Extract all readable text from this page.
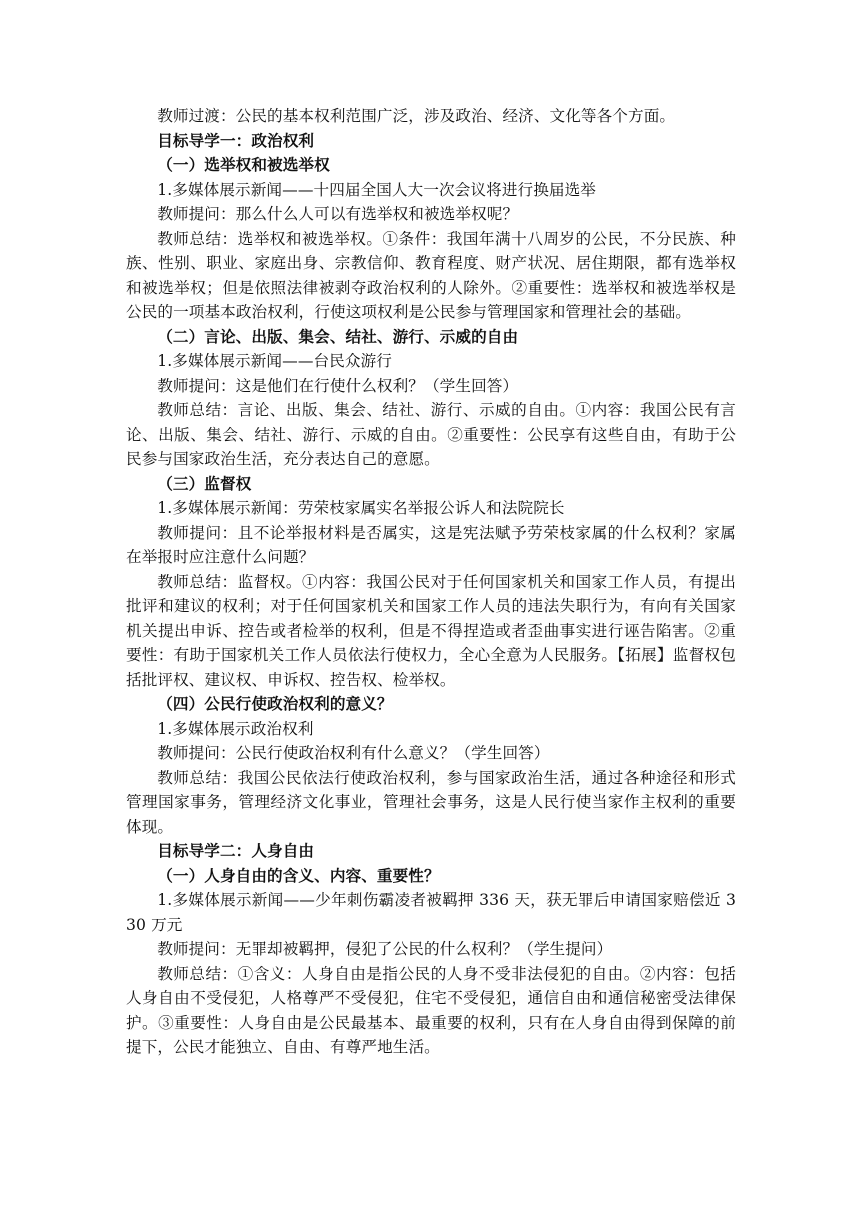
教师过渡：公民的基本权利范围广泛，涉及政治、经济、文化等各个方面。

目标导学一：政治权利

（一）选举权和被选举权

1.多媒体展示新闻——十四届全国人大一次会议将进行换届选举

教师提问：那么什么人可以有选举权和被选举权呢？

教师总结：选举权和被选举权。①条件：我国年满十八周岁的公民，不分民族、种族、性别、职业、家庭出身、宗教信仰、教育程度、财产状况、居住期限，都有选举权和被选举权；但是依照法律被剥夺政治权利的人除外。②重要性：选举权和被选举权是公民的一项基本政治权利，行使这项权利是公民参与管理国家和管理社会的基础。

（二）言论、出版、集会、结社、游行、示威的自由

1.多媒体展示新闻——台民众游行

教师提问：这是他们在行使什么权利？（学生回答）

教师总结：言论、出版、集会、结社、游行、示威的自由。①内容：我国公民有言论、出版、集会、结社、游行、示威的自由。②重要性：公民享有这些自由，有助于公民参与国家政治生活，充分表达自己的意愿。

（三）监督权

1.多媒体展示新闻：劳荣枝家属实名举报公诉人和法院院长

教师提问：且不论举报材料是否属实，这是宪法赋予劳荣枝家属的什么权利？家属在举报时应注意什么问题？

教师总结：监督权。①内容：我国公民对于任何国家机关和国家工作人员，有提出批评和建议的权利；对于任何国家机关和国家工作人员的违法失职行为，有向有关国家机关提出申诉、控告或者检举的权利，但是不得捏造或者歪曲事实进行诬告陷害。②重要性：有助于国家机关工作人员依法行使权力，全心全意为人民服务。【拓展】监督权包括批评权、建议权、申诉权、控告权、检举权。

（四）公民行使政治权利的意义？

1.多媒体展示政治权利

教师提问：公民行使政治权利有什么意义？（学生回答）

教师总结：我国公民依法行使政治权利，参与国家政治生活，通过各种途径和形式管理国家事务，管理经济文化事业，管理社会事务，这是人民行使当家作主权利的重要体现。

目标导学二：人身自由

（一）人身自由的含义、内容、重要性？

1.多媒体展示新闻——少年刺伤霸凌者被羁押 336 天，获无罪后申请国家赔偿近 330 万元

教师提问：无罪却被羁押，侵犯了公民的什么权利？（学生提问）

教师总结：①含义：人身自由是指公民的人身不受非法侵犯的自由。②内容：包括人身自由不受侵犯，人格尊严不受侵犯，住宅不受侵犯，通信自由和通信秘密受法律保护。③重要性：人身自由是公民最基本、最重要的权利，只有在人身自由得到保障的前提下，公民才能独立、自由、有尊严地生活。
